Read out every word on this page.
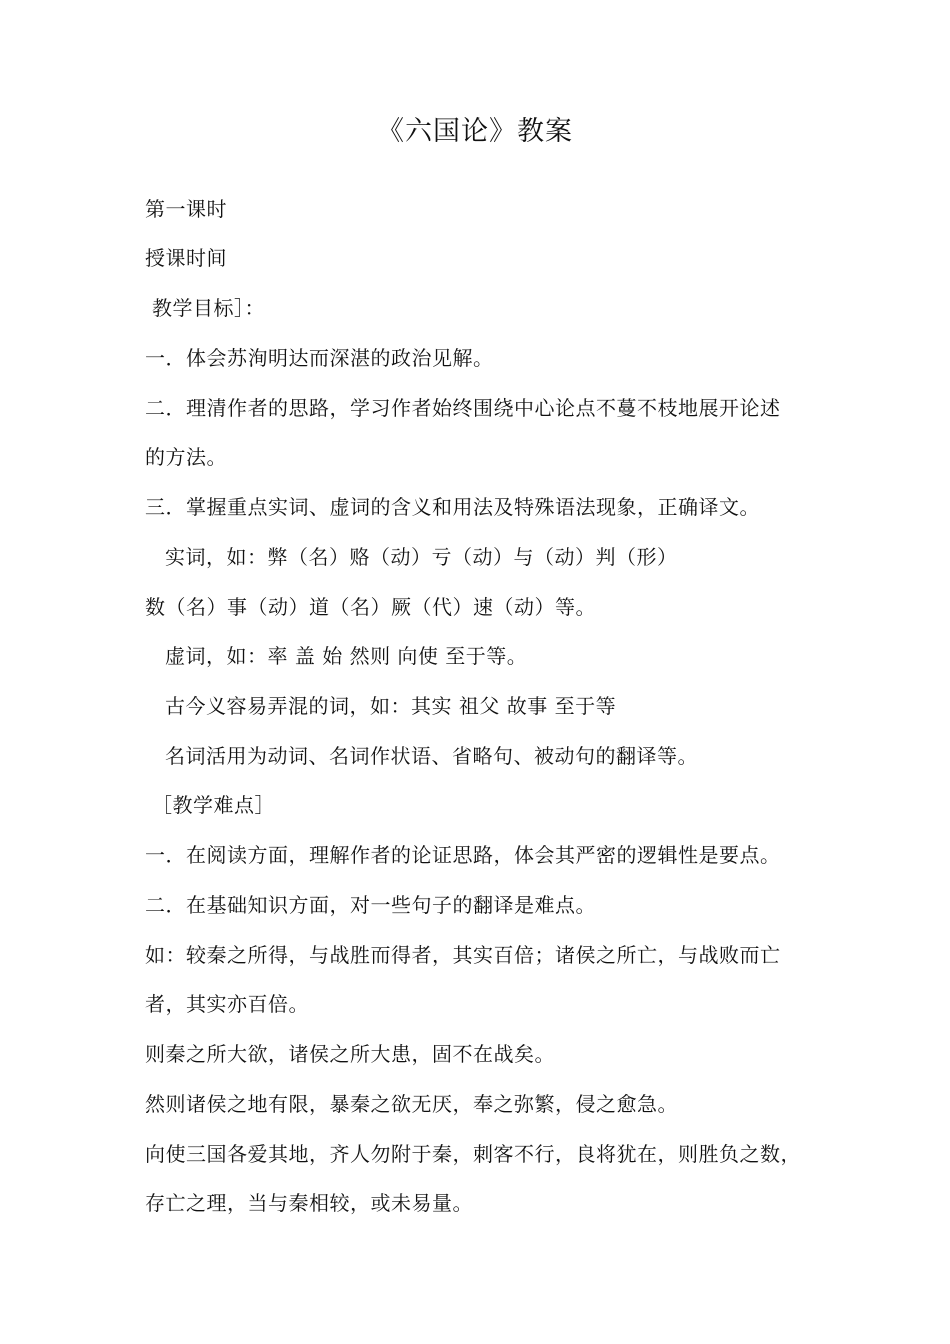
《六国论》教案
第一课时
授课时间
教学目标］：
一．体会苏洵明达而深湛的政治见解。
二．理清作者的思路，学习作者始终围绕中心论点不蔓不枝地展开论述
的方法。
三．掌握重点实词、虚词的含义和用法及特殊语法现象，正确译文。
实词，如：弊（名）赂（动）亏（动）与（动）判（形）
数（名）事（动）道（名）厥（代）速（动）等。
虚词，如：率 盖 始 然则 向使 至于等。
古今义容易弄混的词，如：其实 祖父 故事 至于等
名词活用为动词、名词作状语、省略句、被动句的翻译等。
［教学难点］
一．在阅读方面，理解作者的论证思路，体会其严密的逻辑性是要点。
二．在基础知识方面，对一些句子的翻译是难点。
如：较秦之所得，与战胜而得者，其实百倍；诸侯之所亡，与战败而亡
者，其实亦百倍。
则秦之所大欲，诸侯之所大患，固不在战矣。
然则诸侯之地有限，暴秦之欲无厌，奉之弥繁，侵之愈急。
向使三国各爱其地，齐人勿附于秦，刺客不行，良将犹在，则胜负之数，
存亡之理，当与秦相较，或未易量。
